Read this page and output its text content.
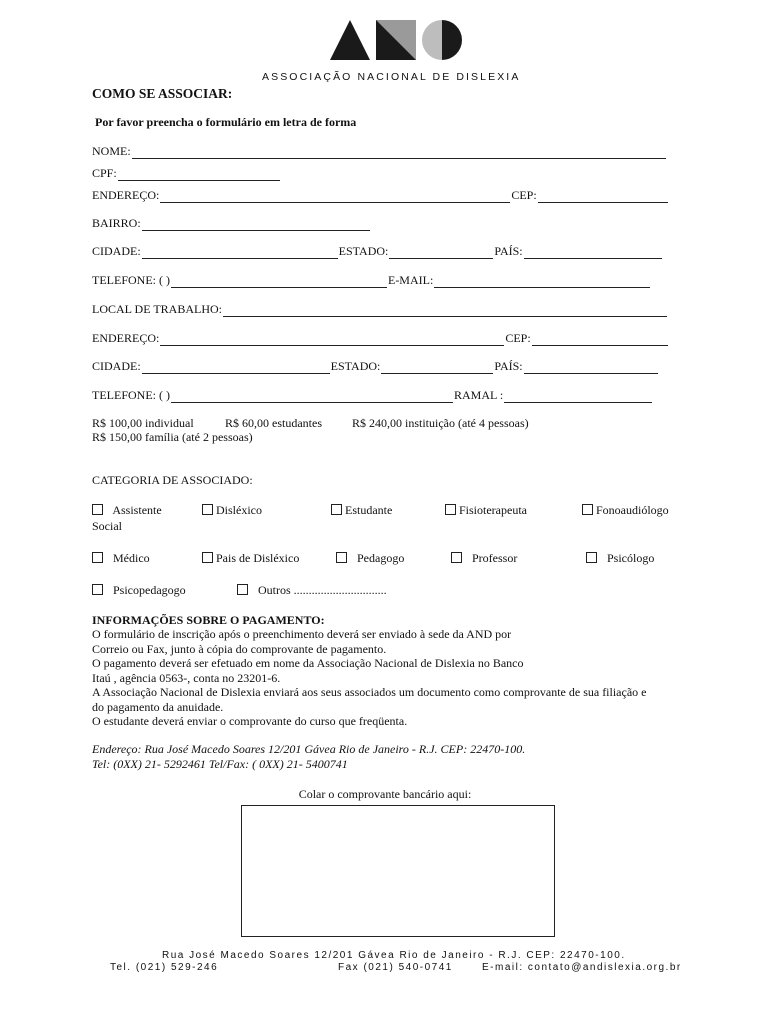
ASSOCIAÇÃO NACIONAL DE DISLEXIA
COMO SE ASSOCIAR:
Por favor preencha o formulário em letra de forma
NOME:
CPF:
ENDEREÇO:	CEP:
BAIRRO:
CIDADE:	ESTADO:	PAÍS:
TELEFONE: ( )	E-MAIL:
LOCAL DE TRABALHO:
ENDEREÇO:	CEP:
CIDADE:	ESTADO:	PAÍS:
TELEFONE: ( )	RAMAL :
R$ 100,00 individual	R$ 60,00 estudantes	R$ 240,00 instituição (até 4 pessoas)
R$ 150,00 família (até 2 pessoas)
CATEGORIA DE ASSOCIADO:
Assistente
Social
Disléxico	Estudante	Fisioterapeuta	Fonoaudiólogo
Médico	Pais de Disléxico	Pedagogo	Professor	Psicólogo
Psicopedagogo	Outros ...............................
INFORMAÇÕES SOBRE O PAGAMENTO:
O formulário de inscrição após o preenchimento deverá ser enviado à sede da AND por
Correio ou Fax, junto à cópia do comprovante de pagamento.
O pagamento deverá ser efetuado em nome da Associação Nacional de Dislexia no Banco
Itaú , agência 0563-, conta no 23201-6.
A Associação Nacional de Dislexia enviará aos seus associados um documento como comprovante de sua filiação e
do pagamento da anuidade.
O estudante deverá enviar o comprovante do curso que freqüenta.
Endereço: Rua José Macedo Soares 12/201 Gávea Rio de Janeiro - R.J. CEP: 22470-100.
Tel: (0XX) 21- 5292461 Tel/Fax: ( 0XX) 21- 5400741
Colar o comprovante bancário aqui:
Rua José Macedo Soares 12/201 Gávea Rio de Janeiro - R.J. CEP: 22470-100.
Tel. (021) 529-246	Fax (021) 540-0741	E-mail: contato@andislexia.org.br
